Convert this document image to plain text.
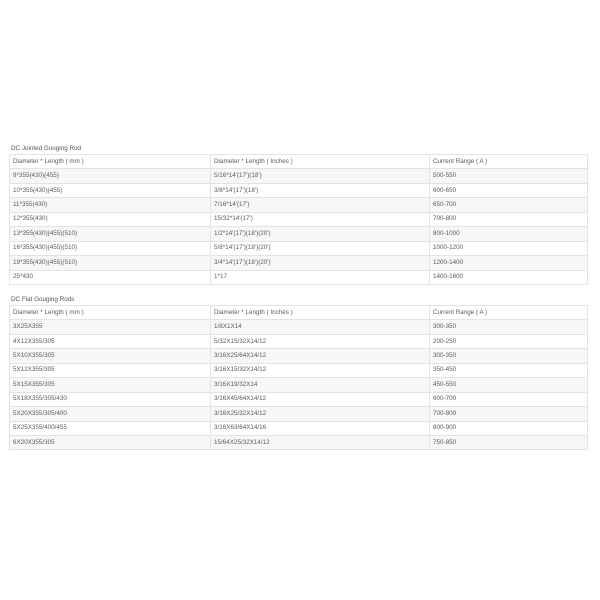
DC Jointed Gouging Rod
Diameter * Length ( mm )	Diameter * Length ( Inches )	Current Range ( A )
8*355(430)(455)	5/16*14'(17')(18')	500-550
10*355(430)(455)	3/8*14'(17')(18')	600-650
11*355(430)	7/16*14'(17')	650-700
12*355(430)	15/32*14'(17')	700-800
13*355(430)(455)(510)	1/2*14'(17')(18')(20')	800-1000
16*355(430)(455)(510)	5/8*14'(17')(18')(20')	1000-1200
19*355(430)(455)(510)	3/4*14'(17')(18')(20')	1200-1400
25*430	1*17	1400-1600
DC Flat Gouging Rods
Diameter * Length ( mm )	Diameter * Length ( Inches )	Current Range ( A )
3X25X355	1/8X1X14	300-350
4X12X355/305	5/32X15/32X14/12	200-250
5X10X355/305	3/16X25/64X14/12	300-350
5X12X355/305	3/16X15/32X14/12	350-450
5X15X355/305	3/16X19/32X14	450-550
5X18X355/305/430	3/16X45/64X14/12	600-700
5X20X355/305/400	3/16X25/32X14/12	700-800
5X25X355/400/455	3/16X63/64X14/16	800-900
6X20X355/305	15/64X25/32X14/12	750-850
